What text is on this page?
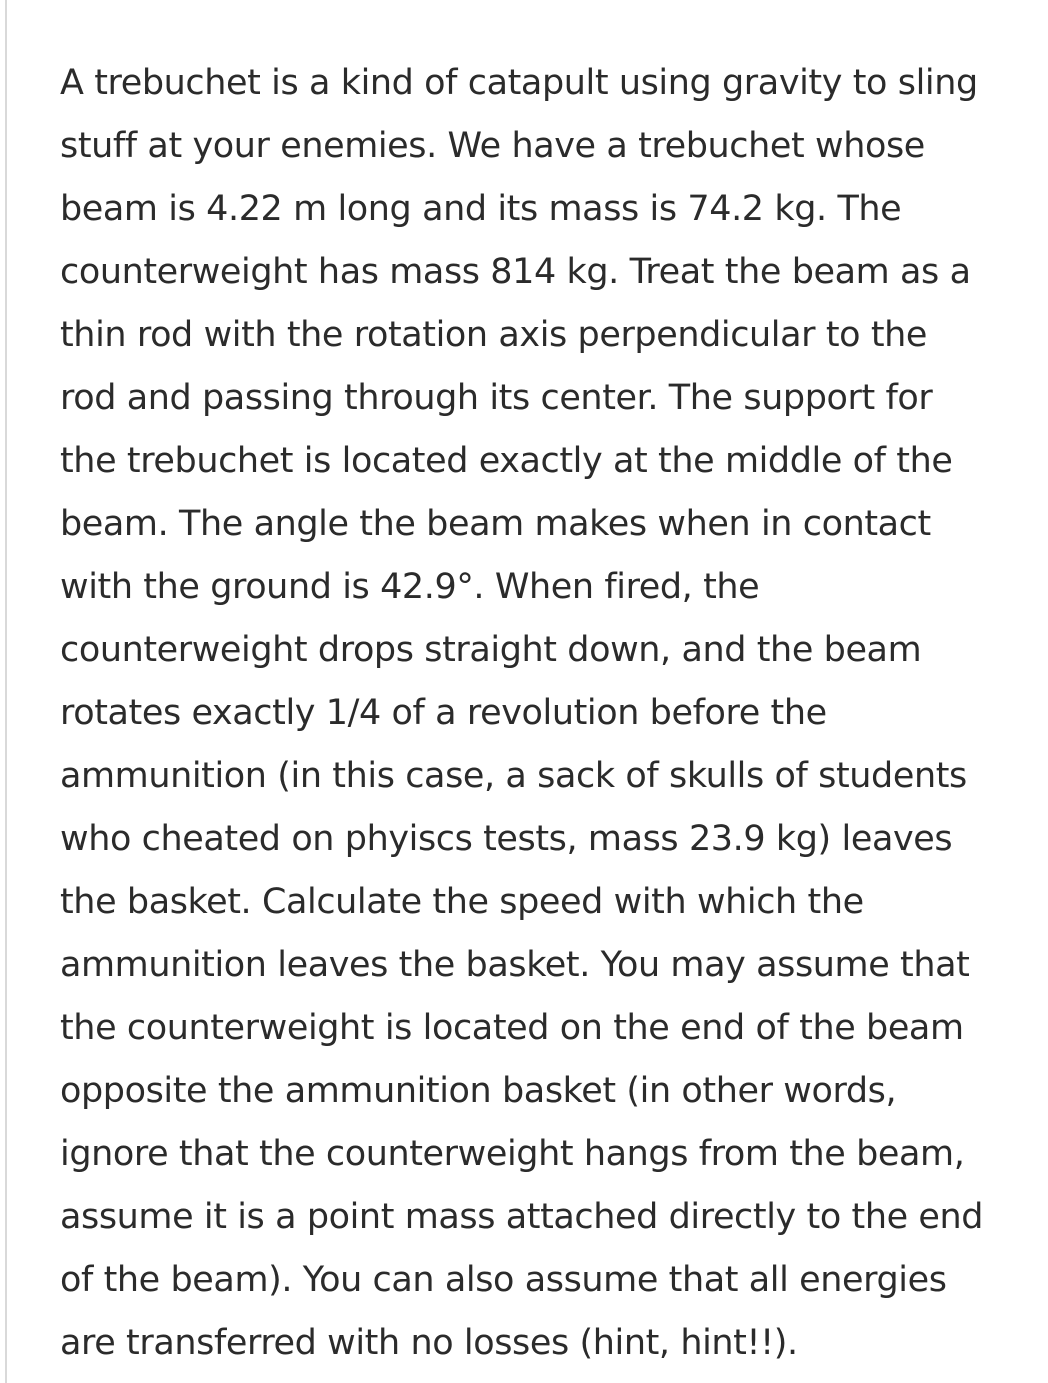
A trebuchet is a kind of catapult using gravity to sling
stuff at your enemies. We have a trebuchet whose
beam is 4.22 m long and its mass is 74.2 kg. The
counterweight has mass 814 kg. Treat the beam as a
thin rod with the rotation axis perpendicular to the
rod and passing through its center. The support for
the trebuchet is located exactly at the middle of the
beam. The angle the beam makes when in contact
with the ground is 42.9°. When fired, the
counterweight drops straight down, and the beam
rotates exactly 1/4 of a revolution before the
ammunition (in this case, a sack of skulls of students
who cheated on phyiscs tests, mass 23.9 kg) leaves
the basket. Calculate the speed with which the
ammunition leaves the basket. You may assume that
the counterweight is located on the end of the beam
opposite the ammunition basket (in other words,
ignore that the counterweight hangs from the beam,
assume it is a point mass attached directly to the end
of the beam). You can also assume that all energies
are transferred with no losses (hint, hint!!).
